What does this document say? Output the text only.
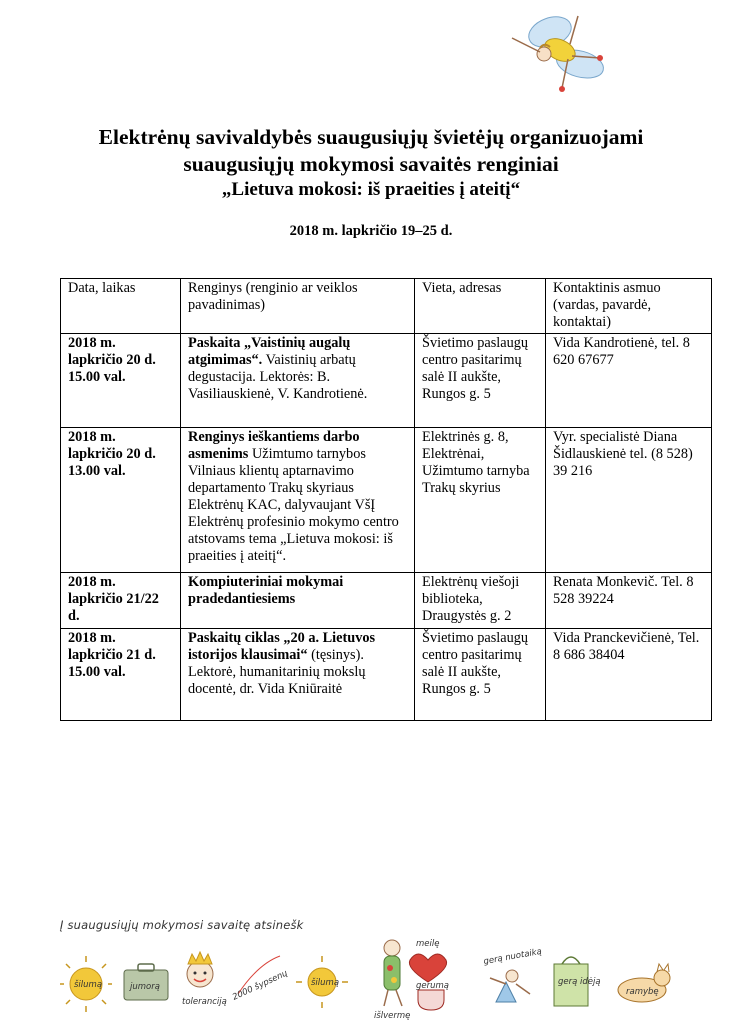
Elektrėnų savivaldybės suaugusiųjų švietėjų organizuojami
suaugusiųjų mokymosi savaitės renginiai
„Lietuva mokosi: iš praeities į ateitį“
2018 m. lapkričio 19–25 d.
Data, laikas	Renginys (renginio ar veiklos pavadinimas)	Vieta, adresas	Kontaktinis asmuo (vardas, pavardė, kontaktai)
2018 m. lapkričio 20 d. 15.00 val.	Paskaita „Vaistinių augalų atgimimas“. Vaistinių arbatų degustacija. Lektorės: B. Vasiliauskienė, V. Kandrotienė.	Švietimo paslaugų centro pasitarimų salė II aukšte, Rungos g. 5	Vida Kandrotienė, tel. 8 620 67677
2018 m. lapkričio 20 d. 13.00 val.	Renginys ieškantiems darbo asmenims Užimtumo tarnybos Vilniaus klientų aptarnavimo departamento Trakų skyriaus Elektrėnų KAC, dalyvaujant VšĮ Elektrėnų profesinio mokymo centro atstovams tema „Lietuva mokosi: iš praeities į ateitį“.	Elektrinės g. 8, Elektrėnai, Užimtumo tarnyba Trakų skyrius	Vyr. specialistė Diana Šidlauskienė tel. (8 528) 39 216
2018 m. lapkričio 21/22 d.	Kompiuteriniai mokymai pradedantiesiems	Elektrėnų viešoji biblioteka, Draugystės g. 2	Renata Monkevič. Tel. 8 528 39224
2018 m. lapkričio 21 d. 15.00 val.	Paskaitų ciklas „20 a. Lietuvos istorijos klausimai“ (tęsinys). Lektorė, humanitarinių mokslų docentė, dr. Vida Kniūraitė	Švietimo paslaugų centro pasitarimų salė II aukšte, Rungos g. 5	Vida Pranckevičienė, Tel. 8 686 38404
Į suaugusiųjų mokymosi savaitę atsinešk
šilumą	jumorą
toleranciją 2000 šypsenų	šilumą
išlvermę
meilę
gerumą
gerą nuotaiką
gerą idėją
ramybę
